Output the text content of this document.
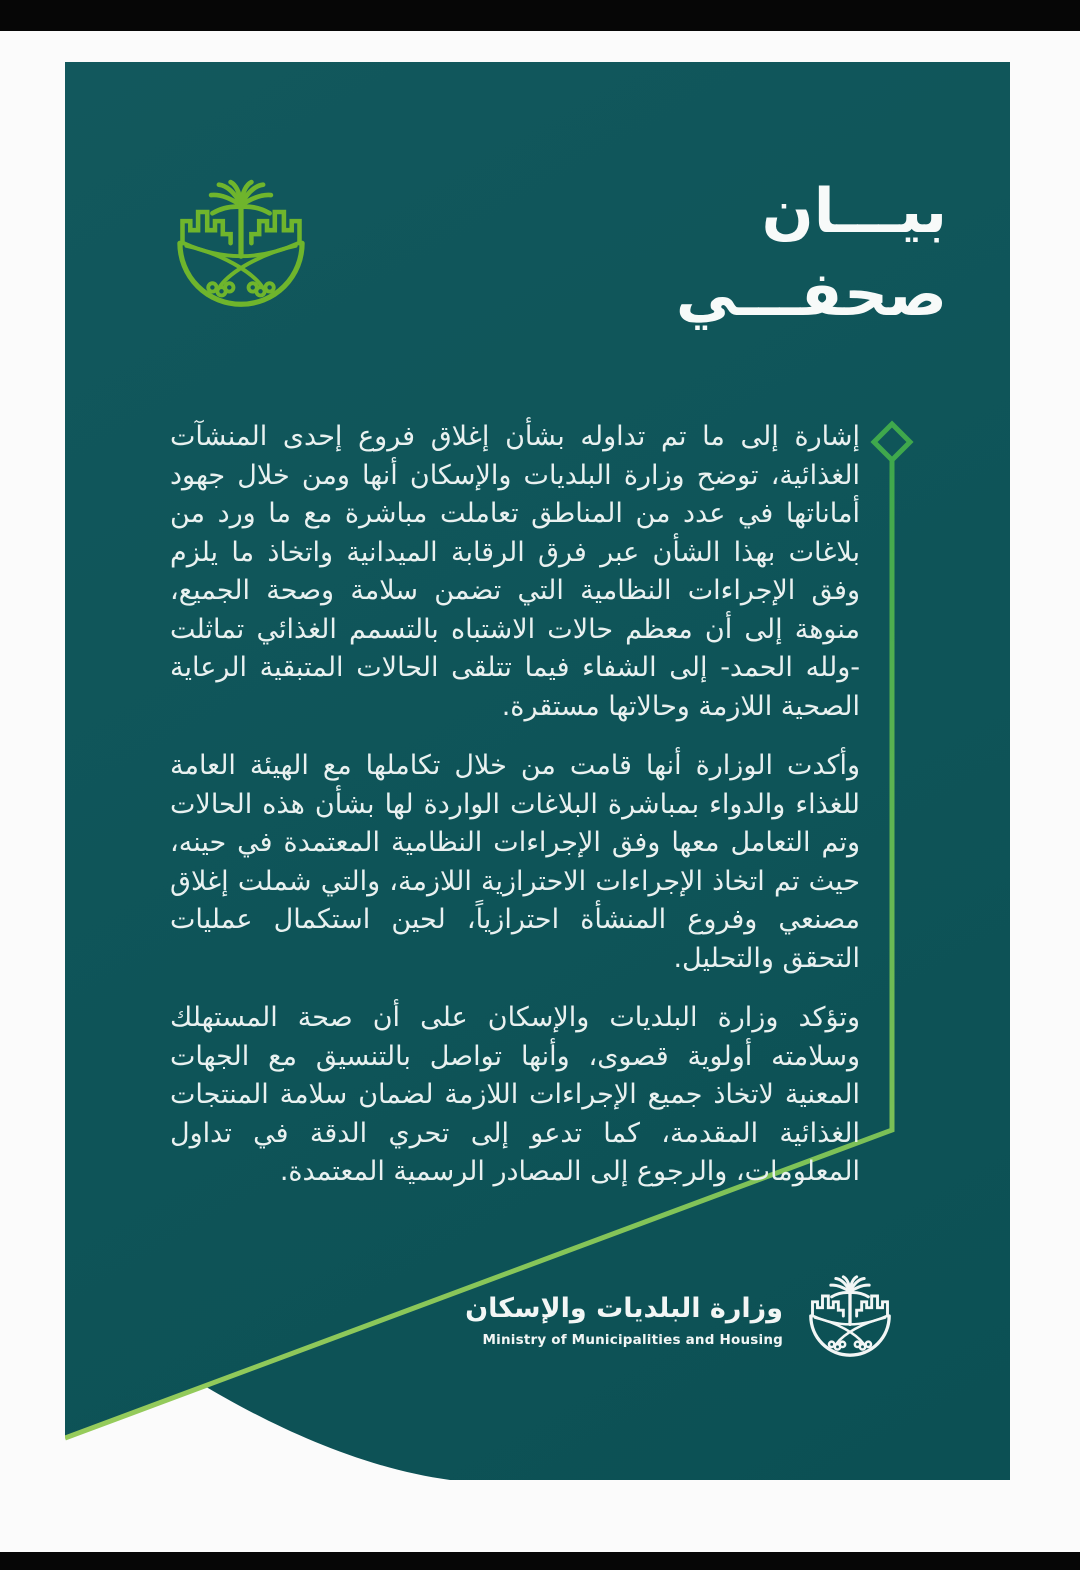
بيـــان
صحفـــي

إشارة إلى ما تم تداوله بشأن إغلاق فروع إحدى المنشآت الغذائية، توضح وزارة البلديات والإسكان أنها ومن خلال جهود أماناتها في عدد من المناطق تعاملت مباشرة مع ما ورد من بلاغات بهذا الشأن عبر فرق الرقابة الميدانية واتخاذ ما يلزم وفق الإجراءات النظامية التي تضمن سلامة وصحة الجميع، منوهة إلى أن معظم حالات الاشتباه بالتسمم الغذائي تماثلت -ولله الحمد- إلى الشفاء فيما تتلقى الحالات المتبقية الرعاية الصحية اللازمة وحالاتها مستقرة.

وأكدت الوزارة أنها قامت من خلال تكاملها مع الهيئة العامة للغذاء والدواء بمباشرة البلاغات الواردة لها بشأن هذه الحالات وتم التعامل معها وفق الإجراءات النظامية المعتمدة في حينه، حيث تم اتخاذ الإجراءات الاحترازية اللازمة، والتي شملت إغلاق مصنعي وفروع المنشأة احترازياً، لحين استكمال عمليات التحقق والتحليل.

وتؤكد وزارة البلديات والإسكان على أن صحة المستهلك وسلامته أولوية قصوى، وأنها تواصل بالتنسيق مع الجهات المعنية لاتخاذ جميع الإجراءات اللازمة لضمان سلامة المنتجات الغذائية المقدمة، كما تدعو إلى تحري الدقة في تداول المعلومات، والرجوع إلى المصادر الرسمية المعتمدة.

وزارة البلديات والإسكان
Ministry of Municipalities and Housing
